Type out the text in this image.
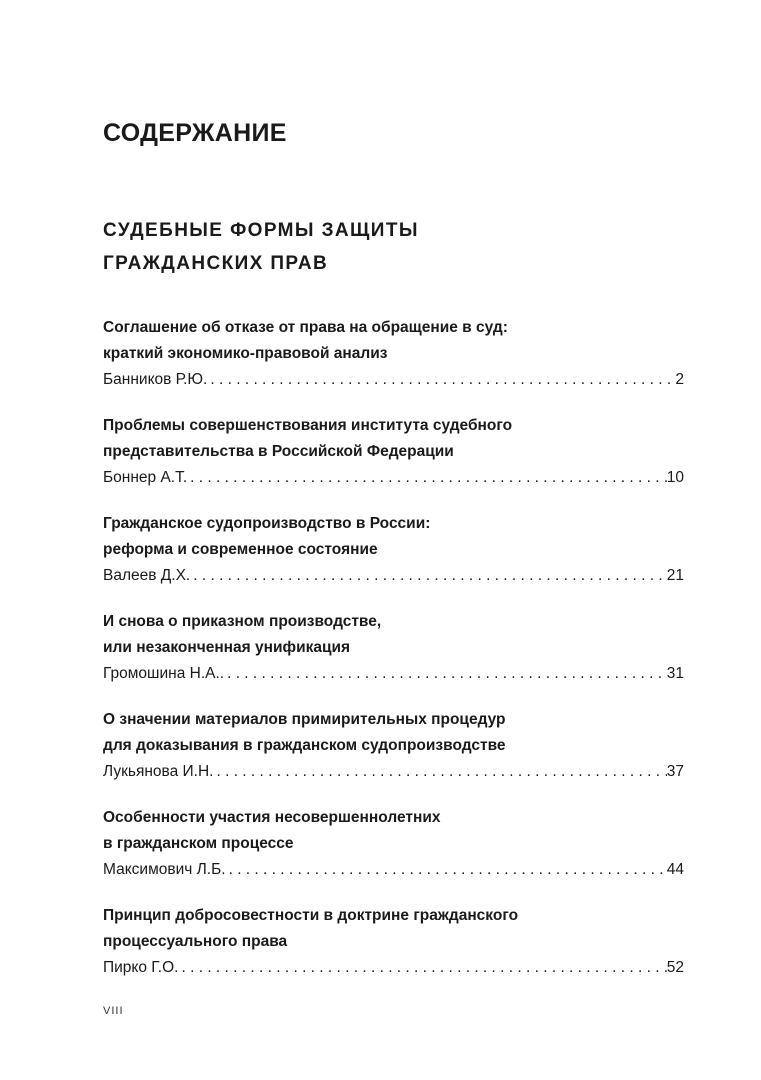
СОДЕРЖАНИЕ
СУДЕБНЫЕ ФОРМЫ ЗАЩИТЫ
ГРАЖДАНСКИХ ПРАВ

Соглашение об отказе от права на обращение в суд:
краткий экономико-правовой анализ

Банников Р.Ю. . . .	2

Проблемы совершенствования института судебного
представительства в Российской Федерации

Боннер А.Т. . . .	10

Гражданское судопроизводство в России:
реформа и современное состояние

Валеев Д.Х. . . .	21

И снова о приказном производстве,
или незаконченная унификация

Громошина Н.А.. . . .	31

О значении материалов примирительных процедур
для доказывания в гражданском судопроизводстве

Лукьянова И.Н. . . .	37

Особенности участия несовершеннолетних
в гражданском процессе

Максимович Л.Б. . . .	44

Принцип добросовестности в доктрине гражданского
процессуального права

Пирко Г.О. . . .	52
VIII
